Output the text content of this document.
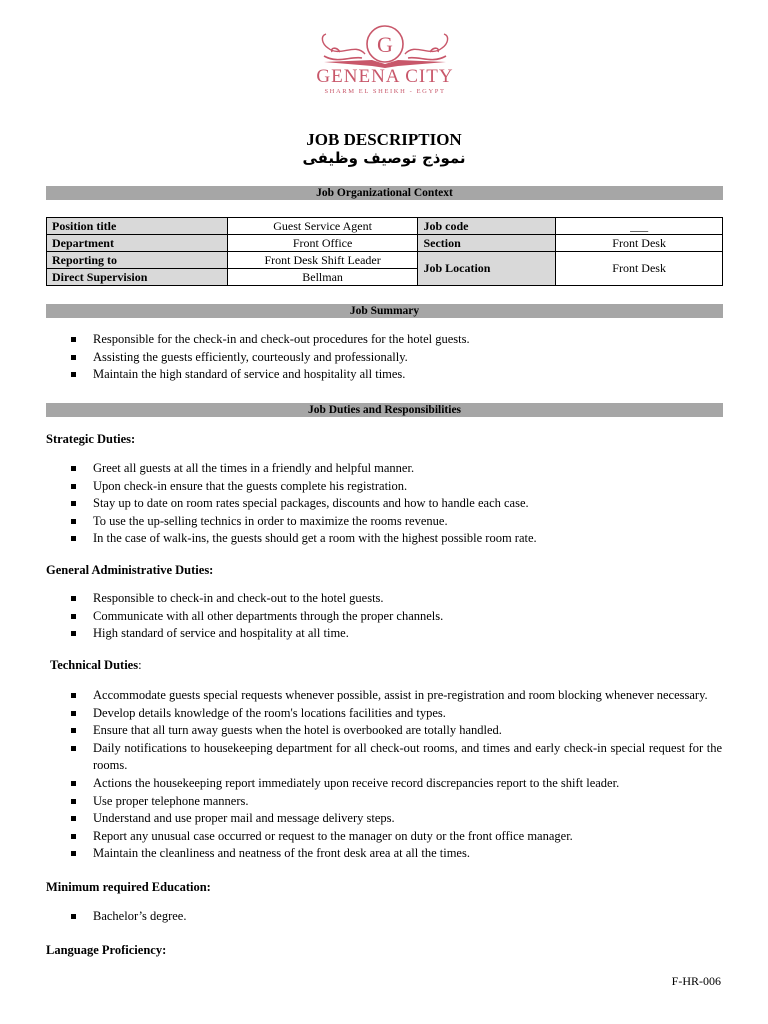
G
GENENA CITY
SHARM EL SHEIKH - EGYPT
JOB DESCRIPTION
نموذج توصيف وظيفى
Job Organizational Context
Position title	Guest Service Agent	Job code	___
Department	Front Office	Section	Front Desk
Reporting to	Front Desk Shift Leader	Job Location	Front Desk
Direct Supervision	Bellman		
Job Summary
Responsible for the check-in and check-out procedures for the hotel guests.
Assisting the guests efficiently, courteously and professionally.
Maintain the high standard of service and hospitality all times.
Job Duties and Responsibilities
Strategic Duties:
Greet all guests at all the times in a friendly and helpful manner.
Upon check-in ensure that the guests complete his registration.
Stay up to date on room rates special packages, discounts and how to handle each case.
To use the up-selling technics in order to maximize the rooms revenue.
In the case of walk-ins, the guests should get a room with the highest possible room rate.
General Administrative Duties:
Responsible to check-in and check-out to the hotel guests.
Communicate with all other departments through the proper channels.
High standard of service and hospitality at all time.
Technical Duties:
Accommodate guests special requests whenever possible, assist in pre-registration and room blocking whenever necessary.
Develop details knowledge of the room's locations facilities and types.
Ensure that all turn away guests when the hotel is overbooked are totally handled.
Daily notifications to housekeeping department for all check-out rooms, and times and early check-in special request for the rooms.
Actions the housekeeping report immediately upon receive record discrepancies report to the shift leader.
Use proper telephone manners.
Understand and use proper mail and message delivery steps.
Report any unusual case occurred or request to the manager on duty or the front office manager.
Maintain the cleanliness and neatness of the front desk area at all the times.
Minimum required Education:
Bachelor’s degree.
Language Proficiency:
F-HR-006
